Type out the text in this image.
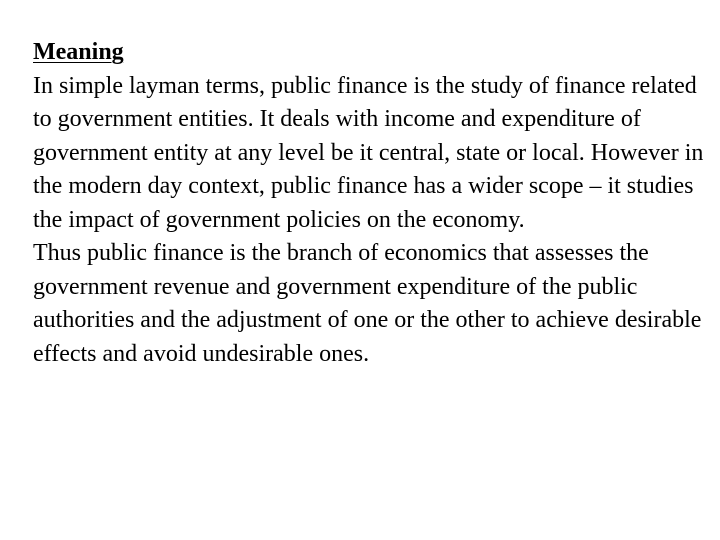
Meaning

In simple layman terms, public finance is the study of finance related to government entities. It deals with income and expenditure of government entity at any level be it central, state or local. However in the modern day context, public finance has a wider scope – it studies the impact of government policies on the economy.

Thus public finance is the branch of economics that assesses the government revenue and government expenditure of the public authorities and the adjustment of one or the other to achieve desirable effects and avoid undesirable ones.
